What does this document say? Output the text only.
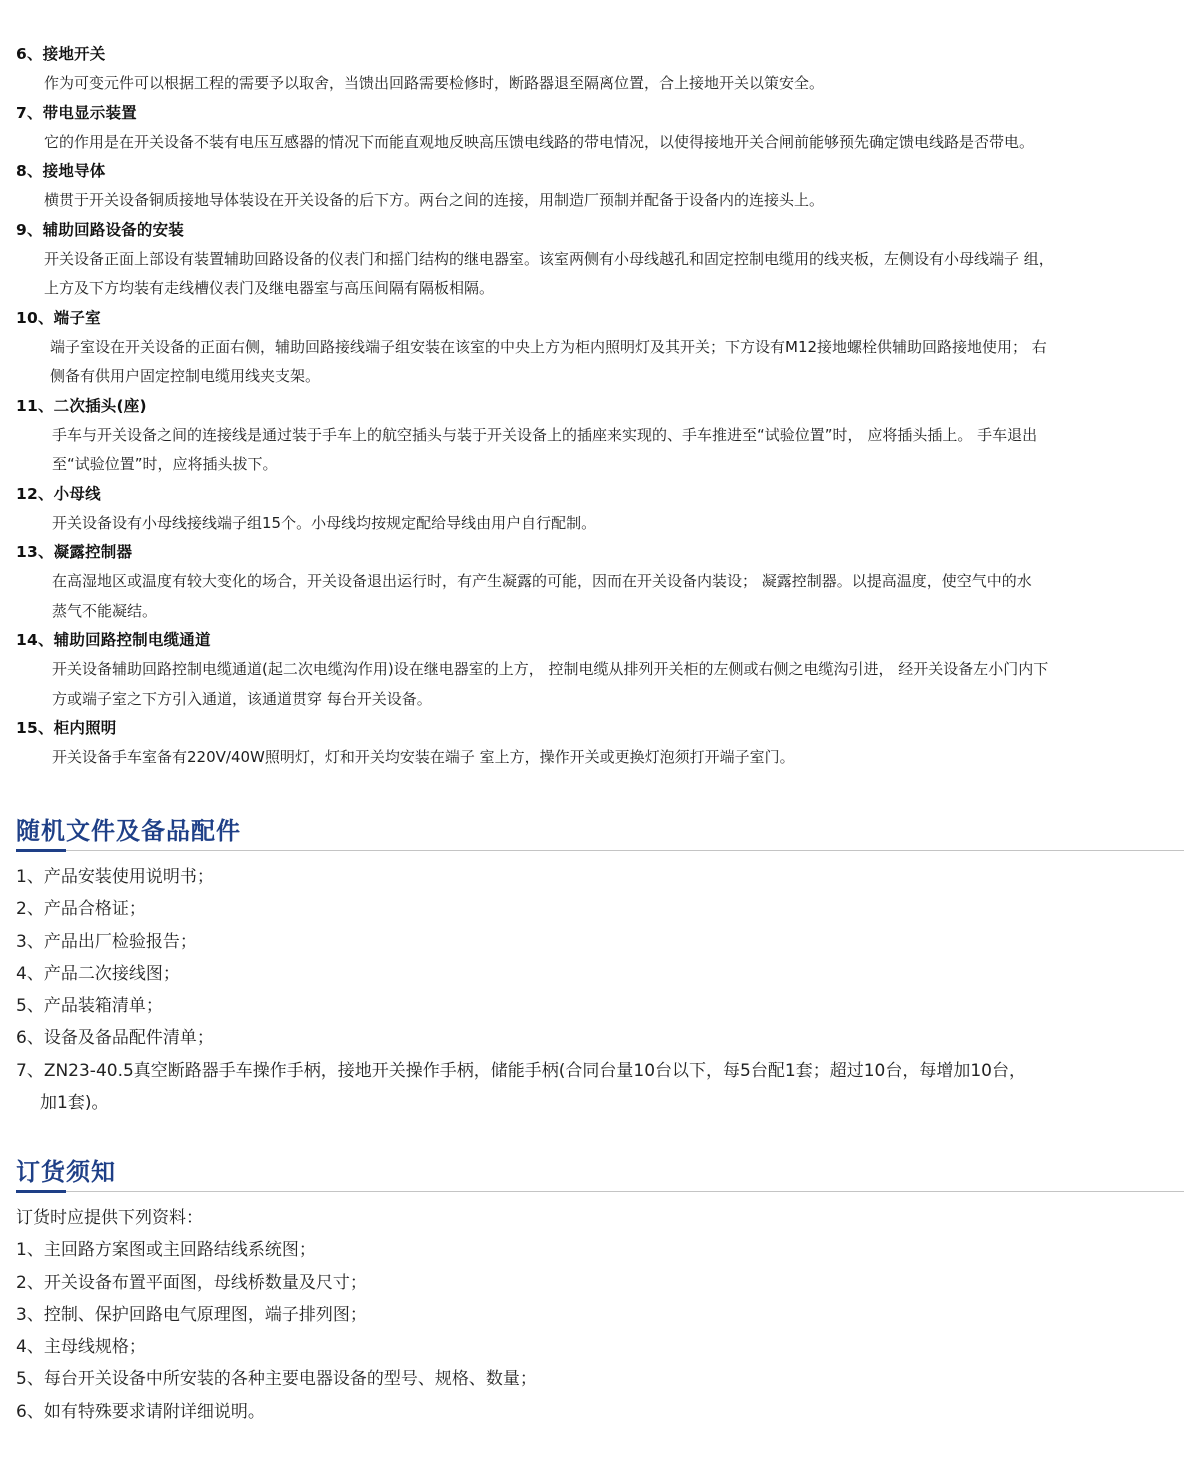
6、接地开关
作为可变元件可以根据工程的需要予以取舍，当馈出回路需要检修时，断路器退至隔离位置，合上接地开关以策安全。
7、带电显示装置
它的作用是在开关设备不装有电压互感器的情况下而能直观地反映高压馈电线路的带电情况，以使得接地开关合闸前能够预先确定馈电线路是否带电。
8、接地导体
横贯于开关设备铜质接地导体装设在开关设备的后下方。两台之间的连接，用制造厂预制并配备于设备内的连接头上。
9、辅助回路设备的安装
开关设备正面上部设有装置辅助回路设备的仪表门和摇门结构的继电器室。该室两侧有小母线越孔和固定控制电缆用的线夹板，左侧设有小母线端子 组，
上方及下方均装有走线槽仪表门及继电器室与高压间隔有隔板相隔。
10、端子室
端子室设在开关设备的正面右侧，辅助回路接线端子组安装在该室的中央上方为柜内照明灯及其开关；下方设有M12接地螺栓供辅助回路接地使用； 右
侧备有供用户固定控制电缆用线夹支架。
11、二次插头(座)
手车与开关设备之间的连接线是通过装于手车上的航空插头与装于开关设备上的插座来实现的、手车推进至“试验位置”时， 应将插头插上。 手车退出
至“试验位置”时，应将插头拔下。
12、小母线
开关设备设有小母线接线端子组15个。小母线均按规定配给导线由用户自行配制。
13、凝露控制器
在高湿地区或温度有较大变化的场合，开关设备退出运行时，有产生凝露的可能，因而在开关设备内装设； 凝露控制器。以提高温度，使空气中的水
蒸气不能凝结。
14、辅助回路控制电缆通道
开关设备辅助回路控制电缆通道(起二次电缆沟作用)设在继电器室的上方， 控制电缆从排列开关柜的左侧或右侧之电缆沟引进， 经开关设备左小门内下
方或端子室之下方引入通道，该通道贯穿 每台开关设备。
15、柜内照明
开关设备手车室备有220V/40W照明灯，灯和开关均安装在端子 室上方，操作开关或更换灯泡须打开端子室门。
随机文件及备品配件
1、产品安装使用说明书；
2、产品合格证；
3、产品出厂检验报告；
4、产品二次接线图；
5、产品装箱清单；
6、设备及备品配件清单；
7、ZN23-40.5真空断路器手车操作手柄，接地开关操作手柄，储能手柄(合同台量10台以下，每5台配1套；超过10台，每增加10台，
加1套)。
订货须知
订货时应提供下列资料：
1、主回路方案图或主回路结线系统图；
2、开关设备布置平面图，母线桥数量及尺寸；
3、控制、保护回路电气原理图，端子排列图；
4、主母线规格；
5、每台开关设备中所安装的各种主要电器设备的型号、规格、数量；
6、如有特殊要求请附详细说明。
